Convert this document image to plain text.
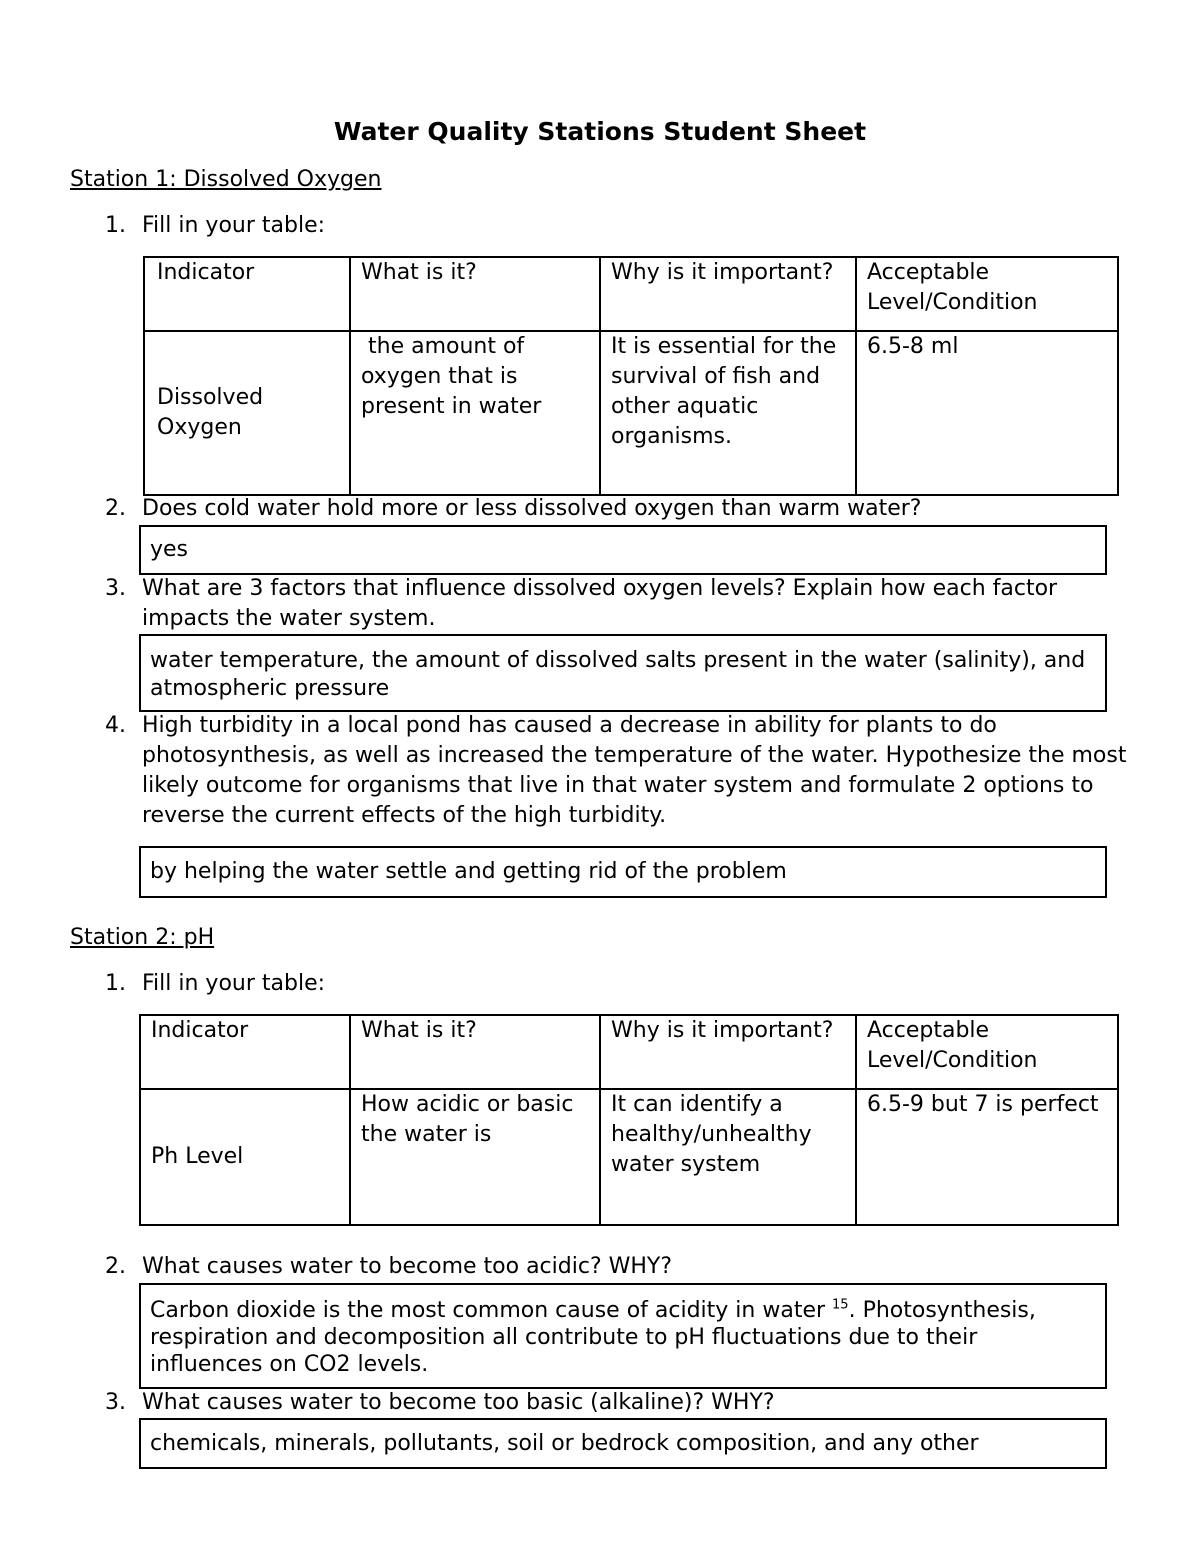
Water Quality Stations Student Sheet
Station 1: Dissolved Oxygen
1. Fill in your table:
Indicator	What is it?	Why is it important?	Acceptable Level/Condition
Dissolved Oxygen	the amount of oxygen that is present in water	It is essential for the survival of fish and other aquatic organisms.	6.5-8 ml
2. Does cold water hold more or less dissolved oxygen than warm water?
yes
3. What are 3 factors that influence dissolved oxygen levels? Explain how each factor impacts the water system.
water temperature, the amount of dissolved salts present in the water (salinity), and atmospheric pressure
4. High turbidity in a local pond has caused a decrease in ability for plants to do photosynthesis, as well as increased the temperature of the water. Hypothesize the most likely outcome for organisms that live in that water system and formulate 2 options to reverse the current effects of the high turbidity.
by helping the water settle and getting rid of the problem
Station 2: pH
1. Fill in your table:
Indicator	What is it?	Why is it important?	Acceptable Level/Condition
Ph Level	How acidic or basic the water is	It can identify a healthy/unhealthy water system	6.5-9 but 7 is perfect
2. What causes water to become too acidic? WHY?
Carbon dioxide is the most common cause of acidity in water $^{15}$. Photosynthesis, respiration and decomposition all contribute to pH fluctuations due to their influences on CO2 levels.
3. What causes water to become too basic (alkaline)? WHY?
chemicals, minerals, pollutants, soil or bedrock composition, and any other
